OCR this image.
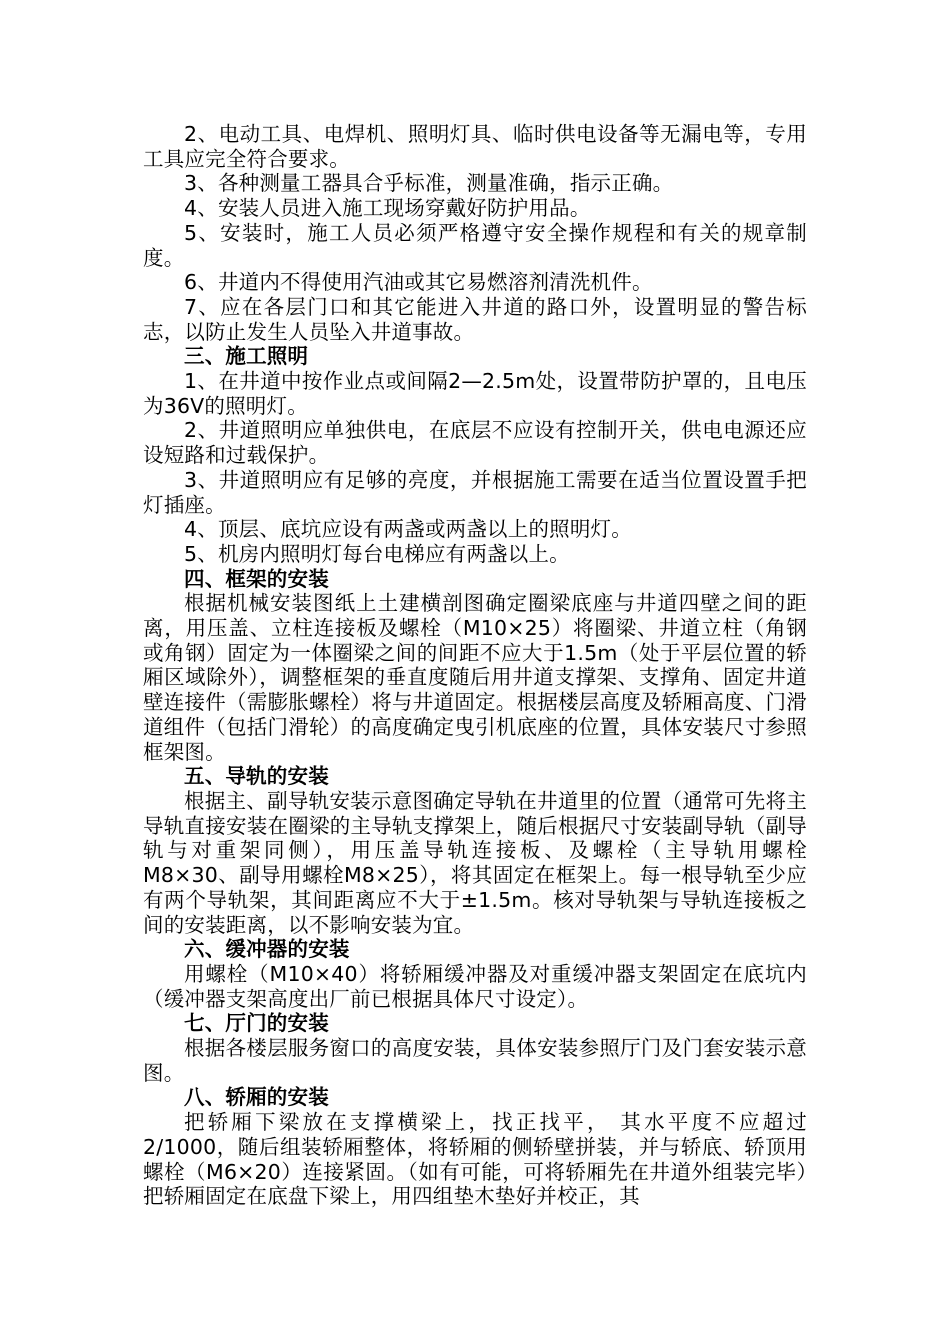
2、电动工具、电焊机、照明灯具、临时供电设备等无漏电等，专用工具应完全符合要求。

3、各种测量工器具合乎标准，测量准确，指示正确。

4、安装人员进入施工现场穿戴好防护用品。

5、安装时，施工人员必须严格遵守安全操作规程和有关的规章制度。

6、井道内不得使用汽油或其它易燃溶剂清洗机件。

7、应在各层门口和其它能进入井道的路口外，设置明显的警告标志，以防止发生人员坠入井道事故。

三、施工照明

1、在井道中按作业点或间隔2—2.5m处，设置带防护罩的，且电压为36V的照明灯。

2、井道照明应单独供电，在底层不应设有控制开关，供电电源还应设短路和过载保护。

3、井道照明应有足够的亮度，并根据施工需要在适当位置设置手把灯插座。

4、顶层、底坑应设有两盏或两盏以上的照明灯。

5、机房内照明灯每台电梯应有两盏以上。

四、框架的安装

根据机械安装图纸上土建横剖图确定圈梁底座与井道四壁之间的距离，用压盖、立柱连接板及螺栓（M10×25）将圈梁、井道立柱（角钢或角钢）固定为一体圈梁之间的间距不应大于1.5m（处于平层位置的轿厢区域除外），调整框架的垂直度随后用井道支撑架、支撑角、固定井道壁连接件（需膨胀螺栓）将与井道固定。根据楼层高度及轿厢高度、门滑道组件（包括门滑轮）的高度确定曳引机底座的位置，具体安装尺寸参照框架图。

五、导轨的安装

根据主、副导轨安装示意图确定导轨在井道里的位置（通常可先将主导轨直接安装在圈梁的主导轨支撑架上，随后根据尺寸安装副导轨（副导轨与对重架同侧），用压盖导轨连接板、及螺栓（主导轨用螺栓M8×30、副导用螺栓M8×25），将其固定在框架上。每一根导轨至少应有两个导轨架，其间距离应不大于±1.5m。核对导轨架与导轨连接板之间的安装距离，以不影响安装为宜。

六、缓冲器的安装

用螺栓（M10×40）将轿厢缓冲器及对重缓冲器支架固定在底坑内（缓冲器支架高度出厂前已根据具体尺寸设定）。

七、厅门的安装

根据各楼层服务窗口的高度安装，具体安装参照厅门及门套安装示意图。

八、轿厢的安装

把轿厢下梁放在支撑横梁上，找正找平， 其水平度不应超过2/1000，随后组装轿厢整体，将轿厢的侧轿壁拼装，并与轿底、轿顶用螺栓（M6×20）连接紧固。（如有可能，可将轿厢先在井道外组装完毕）把轿厢固定在底盘下梁上，用四组垫木垫好并校正，其
